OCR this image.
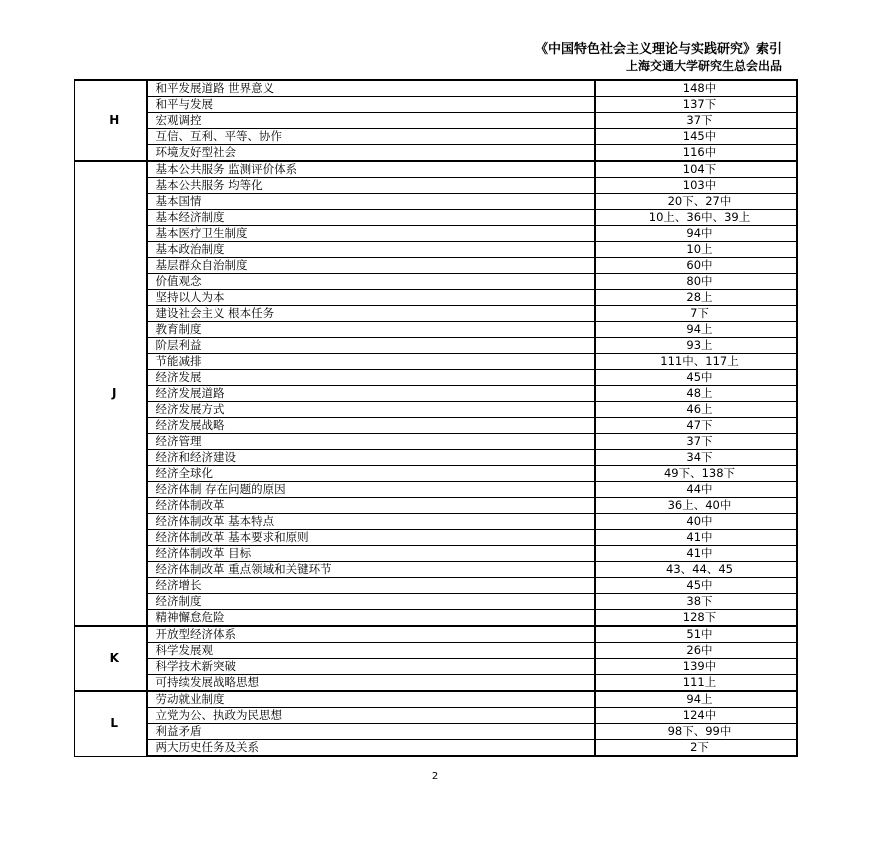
《中国特色社会主义理论与实践研究》索引
上海交通大学研究生总会出品
H	和平发展道路 世界意义	148中
	和平与发展	137下
	宏观调控	37下
	互信、互利、平等、协作	145中
	环境友好型社会	116中
J	基本公共服务 监测评价体系	104下
	基本公共服务 均等化	103中
	基本国情	20下、27中
	基本经济制度	10上、36中、39上
	基本医疗卫生制度	94中
	基本政治制度	10上
	基层群众自治制度	60中
	价值观念	80中
	坚持以人为本	28上
	建设社会主义 根本任务	7下
	教育制度	94上
	阶层利益	93上
	节能减排	111中、117上
	经济发展	45中
	经济发展道路	48上
	经济发展方式	46上
	经济发展战略	47下
	经济管理	37下
	经济和经济建设	34下
	经济全球化	49下、138下
	经济体制 存在问题的原因	44中
	经济体制改革	36上、40中
	经济体制改革 基本特点	40中
	经济体制改革 基本要求和原则	41中
	经济体制改革 目标	41中
	经济体制改革 重点领域和关键环节	43、44、45
	经济增长	45中
	经济制度	38下
	精神懈怠危险	128下
K	开放型经济体系	51中
	科学发展观	26中
	科学技术新突破	139中
	可持续发展战略思想	111上
L	劳动就业制度	94上
	立党为公、执政为民思想	124中
	利益矛盾	98下、99中
	两大历史任务及关系	2下
2
